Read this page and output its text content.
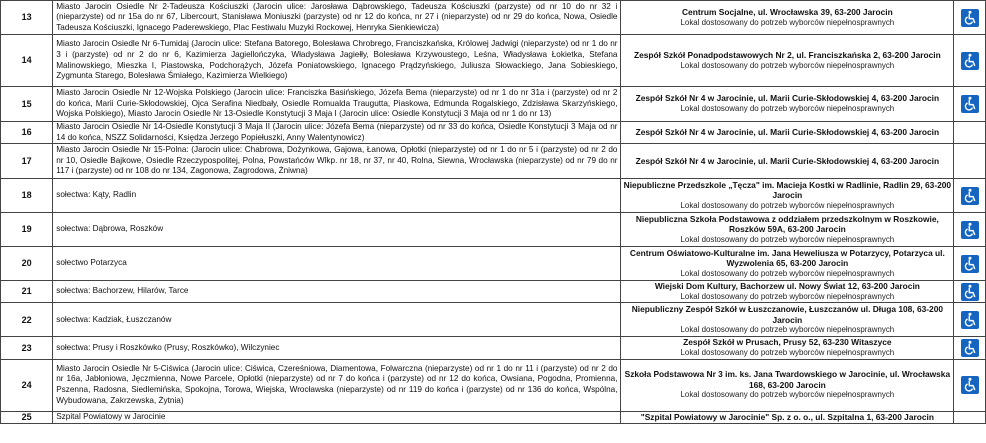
13	Miasto Jarocin Osiedle Nr 2-Tadeusza Kościuszki (Jarocin ulice: Jarosława Dąbrowskiego, Tadeusza Kościuszki (parzyste) od nr 10 do nr 32 i (nieparzyste) od nr 15a do nr 67, Libercourt, Stanisława Moniuszki (parzyste) od nr 12 do końca, nr 27 i (nieparzyste) od nr 29 do końca, Nowa, Osiedle Tadeusza Kościuszki, Ignacego Paderewskiego, Plac Festiwalu Muzyki Rockowej, Henryka Sienkiewicza)	Centrum Socjalne, ul. Wrocławska 39, 63-200 Jarocin
Lokal dostosowany do potrzeb wyborców niepełnosprawnych

14	Miasto Jarocin Osiedle Nr 6-Tumidaj (Jarocin ulice: Stefana Batorego, Bolesława Chrobrego, Franciszkańska, Królowej Jadwigi (nieparzyste) od nr 1 do nr 3 i (parzyste) od nr 2 do nr 6, Kazimierza Jagiellończyka, Władysława Jagiełły, Bolesława Krzywoustego, Leśna, Władysława Łokietka, Stefana Malinowskiego, Mieszka I, Piastowska, Podchorążych, Józefa Poniatowskiego, Ignacego Prądzyńskiego, Juliusza Słowackiego, Jana Sobieskiego, Zygmunta Starego, Bolesława Śmiałego, Kazimierza Wielkiego)	Zespół Szkół Ponadpodstawowych Nr 2, ul. Franciszkańska 2, 63-200 Jarocin
Lokal dostosowany do potrzeb wyborców niepełnosprawnych

15	Miasto Jarocin Osiedle Nr 12-Wojska Polskiego (Jarocin ulice: Franciszka Basińskiego, Józefa Bema (nieparzyste) od nr 1 do nr 31a i (parzyste) od nr 2 do końca, Marii Curie-Skłodowskiej, Ojca Serafina Niedbały, Osiedle Romualda Traugutta, Piaskowa, Edmunda Rogalskiego, Zdzisława Skarzyńskiego, Wojska Polskiego), Miasto Jarocin Osiedle Nr 13-Osiedle Konstytucji 3 Maja I (Jarocin ulice: Osiedle Konstytucji 3 Maja od nr 1 do nr 13)	Zespół Szkół Nr 4 w Jarocinie, ul. Marii Curie-Skłodowskiej 4, 63-200 Jarocin
Lokal dostosowany do potrzeb wyborców niepełnosprawnych

16	Miasto Jarocin Osiedle Nr 14-Osiedle Konstytucji 3 Maja II (Jarocin ulice: Józefa Bema (nieparzyste) od nr 33 do końca, Osiedle Konstytucji 3 Maja od nr 14 do końca, NSZZ Solidarności, Księdza Jerzego Popiełuszki, Anny Walentynowicz)	Zespół Szkół Nr 4 w Jarocinie, ul. Marii Curie-Skłodowskiej 4, 63-200 Jarocin	

17	Miasto Jarocin Osiedle Nr 15-Polna: (Jarocin ulice: Chabrowa, Dożynkowa, Gajowa, Łanowa, Opłotki (nieparzyste) od nr 1 do nr 5 i (parzyste) od nr 2 do nr 10, Osiedle Bajkowe, Osiedle Rzeczypospolitej, Polna, Powstańców Wlkp. nr 18, nr 37, nr 40, Rolna, Siewna, Wrocławska (nieparzyste) od nr 79 do nr 117 i (parzyste) od nr 108 do nr 134, Zagonowa, Zagrodowa, Żniwna)	Zespół Szkół Nr 4 w Jarocinie, ul. Marii Curie-Skłodowskiej 4, 63-200 Jarocin	

18	sołectwa: Kąty, Radlin	Niepubliczne Przedszkole „Tęcza" im. Macieja Kostki w Radlinie, Radlin 29, 63-200 Jarocin
Lokal dostosowany do potrzeb wyborców niepełnosprawnych

19	sołectwa: Dąbrowa, Roszków	Niepubliczna Szkoła Podstawowa z oddziałem przedszkolnym w Roszkowie, Roszków 59A, 63-200 Jarocin
Lokal dostosowany do potrzeb wyborców niepełnosprawnych

20	sołectwo Potarzyca	Centrum Oświatowo-Kulturalne im. Jana Heweliusza w Potarzycy, Potarzyca ul. Wyzwolenia 65, 63-200 Jarocin
Lokal dostosowany do potrzeb wyborców niepełnosprawnych

21	sołectwa: Bachorzew, Hilarów, Tarce	Wiejski Dom Kultury, Bachorzew ul. Nowy Świat 12, 63-200 Jarocin
Lokal dostosowany do potrzeb wyborców niepełnosprawnych

22	sołectwa: Kadziak, Łuszczanów	Niepubliczny Zespół Szkół w Łuszczanowie, Łuszczanów ul. Długa 108, 63-200 Jarocin
Lokal dostosowany do potrzeb wyborców niepełnosprawnych

23	sołectwa: Prusy i Roszkówko (Prusy, Roszkówko), Wilczyniec	Zespół Szkół w Prusach, Prusy 52, 63-230 Witaszyce
Lokal dostosowany do potrzeb wyborców niepełnosprawnych

24	Miasto Jarocin Osiedle Nr 5-Ciświca (Jarocin ulice: Ciświca, Czereśniowa, Diamentowa, Folwarczna (nieparzyste) od nr 1 do nr 11 i (parzyste) od nr 2 do nr 16a, Jabłoniowa, Jęczmienna, Nowe Parcele, Opłotki (nieparzyste) od nr 7 do końca i (parzyste) od nr 12 do końca, Owsiana, Pogodna, Promienna, Pszenna, Radosna, Siedlemińska, Spokojna, Torowa, Wiejska, Wrocławska (nieparzyste) od nr 119 do końca i (parzyste) od nr 136 do końca, Wspólna, Wybudowana, Zakrzewska, Żytnia)	Szkoła Podstawowa Nr 3 im. ks. Jana Twardowskiego w Jarocinie, ul. Wrocławska 168, 63-200 Jarocin
Lokal dostosowany do potrzeb wyborców niepełnosprawnych

25	Szpital Powiatowy w Jarocinie	"Szpital Powiatowy w Jarocinie" Sp. z o. o., ul. Szpitalna 1, 63-200 Jarocin	
